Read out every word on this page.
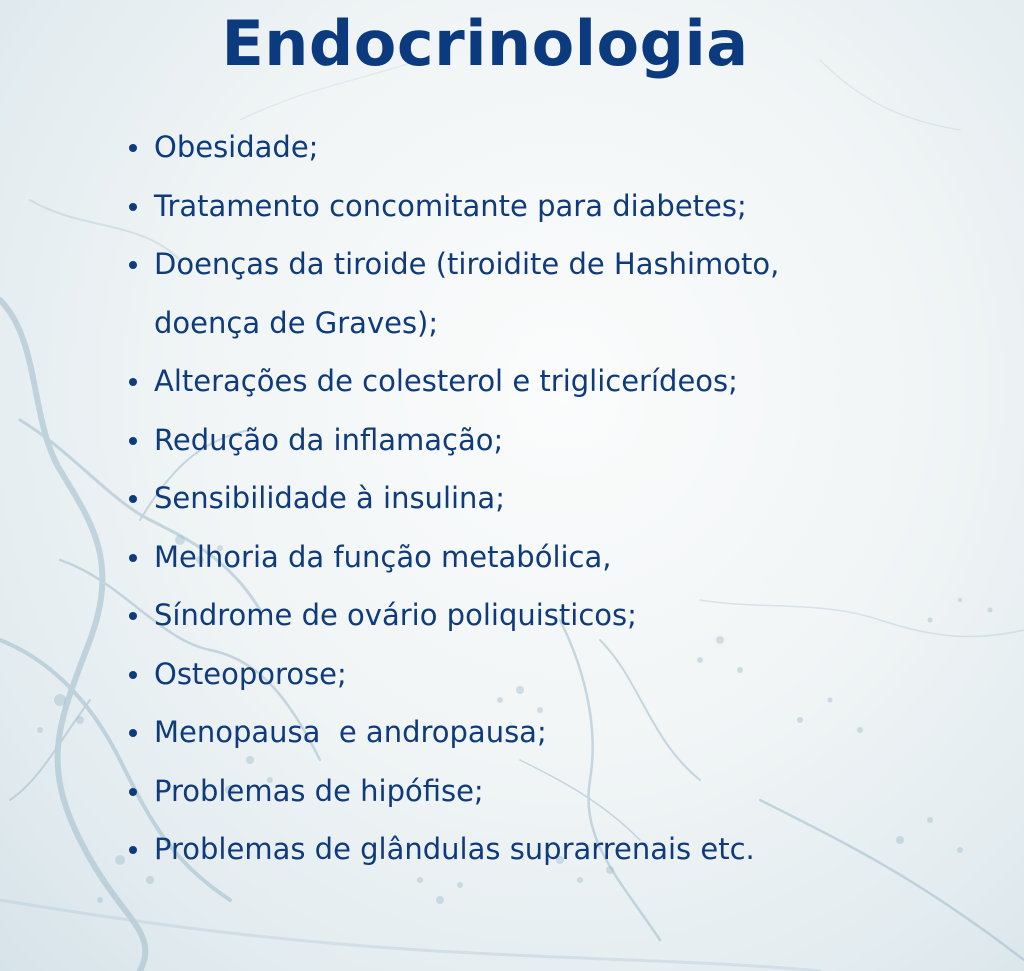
Endocrinologia
Obesidade;
Tratamento concomitante para diabetes;
Doenças da tiroide (tiroidite de Hashimoto,
doença de Graves);
Alterações de colesterol e triglicerídeos;
Redução da inflamação;
Sensibilidade à insulina;
Melhoria da função metabólica,
Síndrome de ovário poliquisticos;
Osteoporose;
Menopausa  e andropausa;
Problemas de hipófise;
Problemas de glândulas suprarrenais etc.
